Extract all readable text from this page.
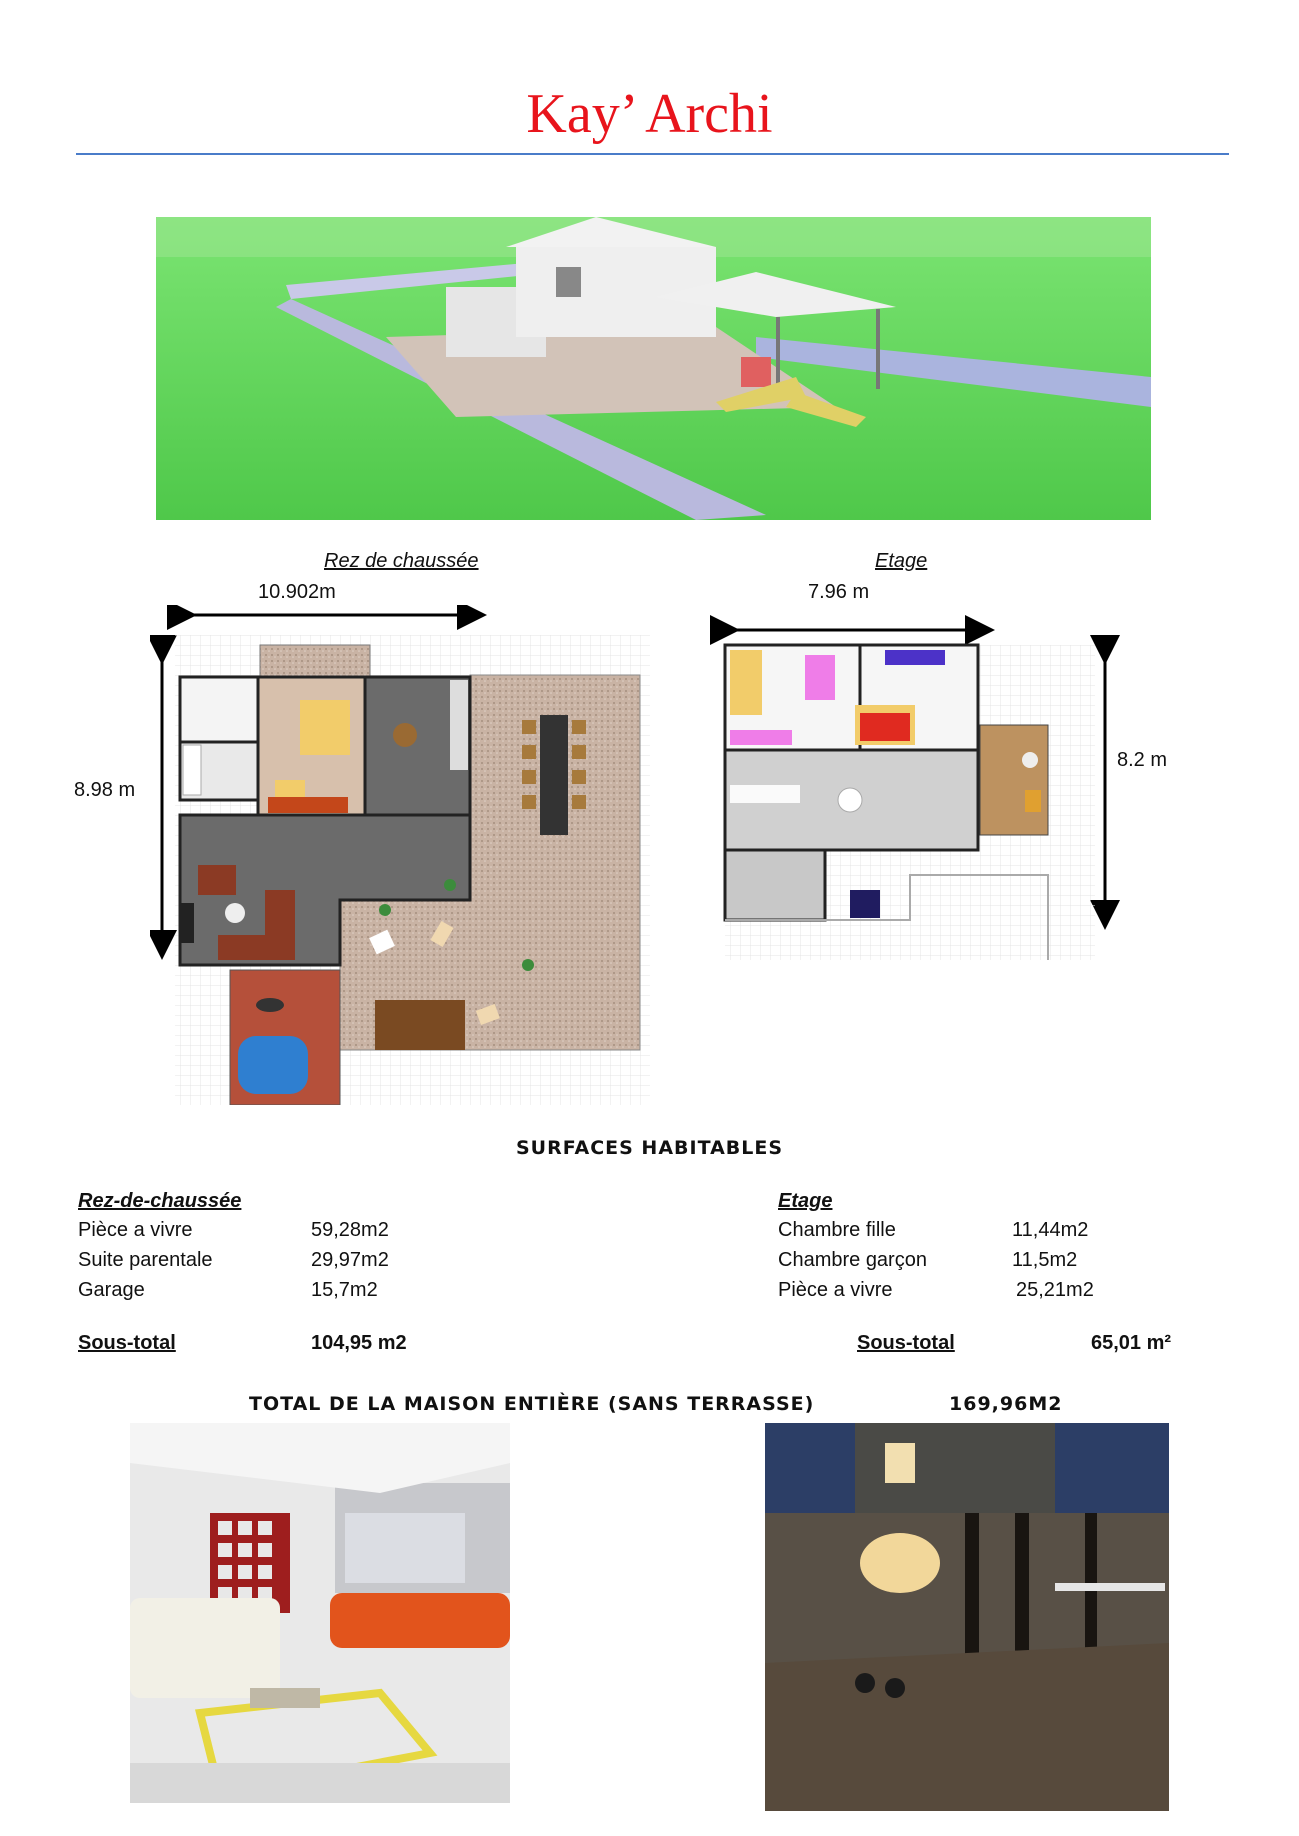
Kay’ Archi
Rez de chaussée
10.902m
8.98 m
Etage
7.96 m
8.2 m
SURFACES HABITABLES
Rez-de-chaussée
Pièce a vivre	59,28m2
Suite parentale	29,97m2
Garage	15,7m2
Sous-total	104,95 m2
Etage
Chambre fille	11,44m2
Chambre garçon	11,5m2
Pièce a vivre	25,21m2
Sous-total	65,01 m²
TOTAL DE LA MAISON ENTIÈRE (SANS TERRASSE)	169,96M2
